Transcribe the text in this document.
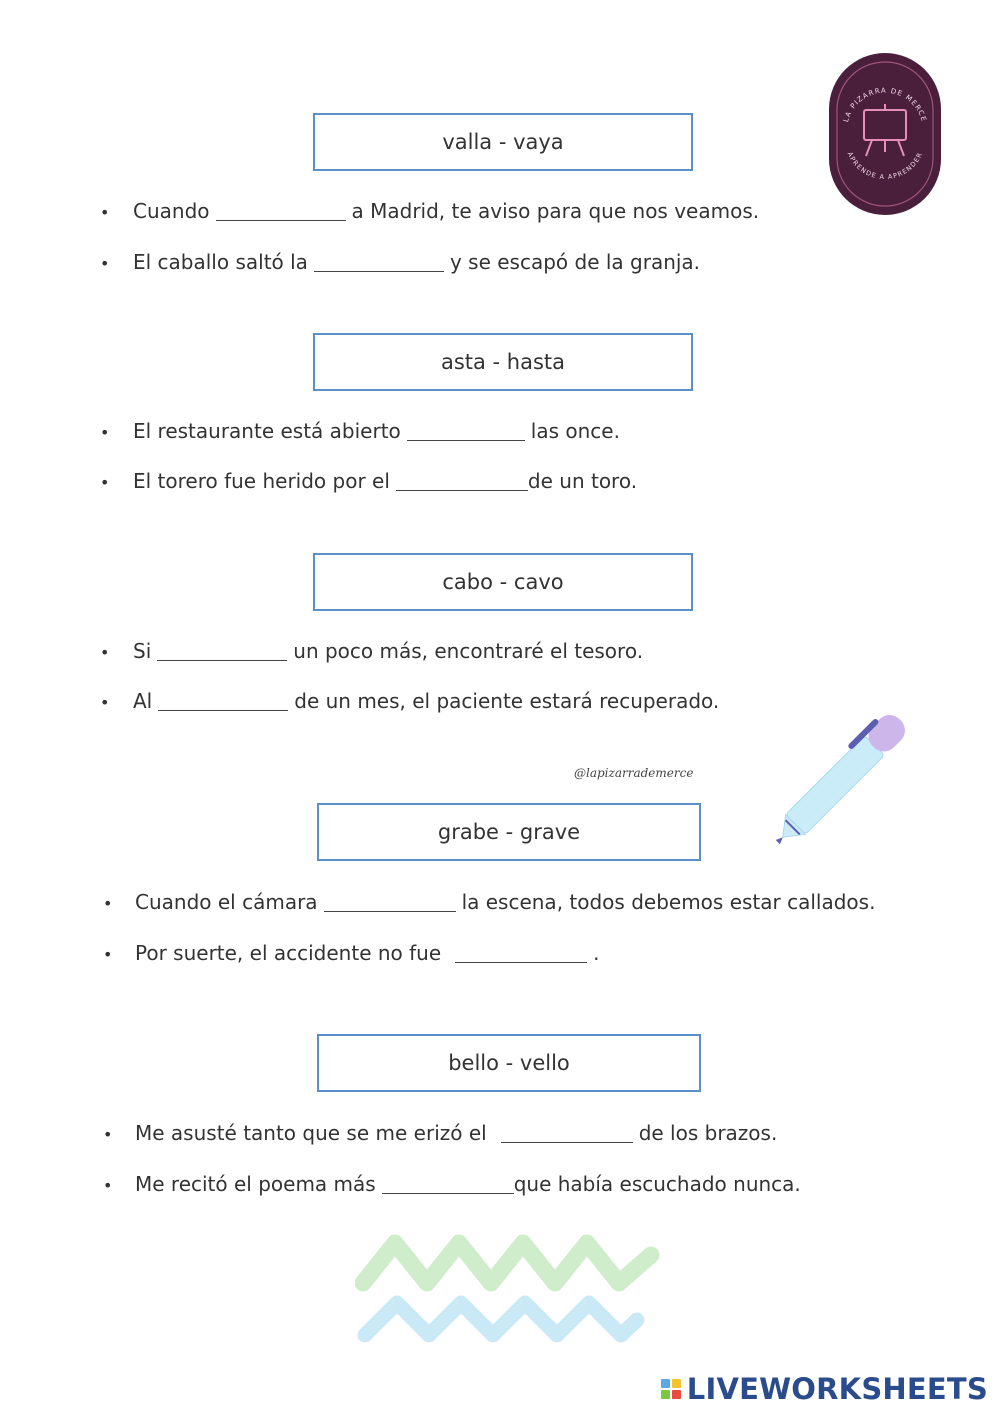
LA PIZARRA DE MERCE
APRENDE A APRENDER
valla - vaya
• Cuando	a Madrid, te aviso para que nos veamos.
• El caballo saltó la	y se escapó de la granja.
asta - hasta
• El restaurante está abierto	las once.
• El torero fue herido por el	de un toro.
cabo - cavo
• Si	un poco más, encontraré el tesoro.
• Al	de un mes, el paciente estará recuperado.
@lapizarrademerce
grabe - grave
• Cuando el cámara	la escena, todos debemos estar callados.
• Por suerte, el accidente no fue	.
bello - vello
• Me asusté tanto que se me erizó el	de los brazos.
• Me recitó el poema más	que había escuchado nunca.
LIVEWORKSHEETS
